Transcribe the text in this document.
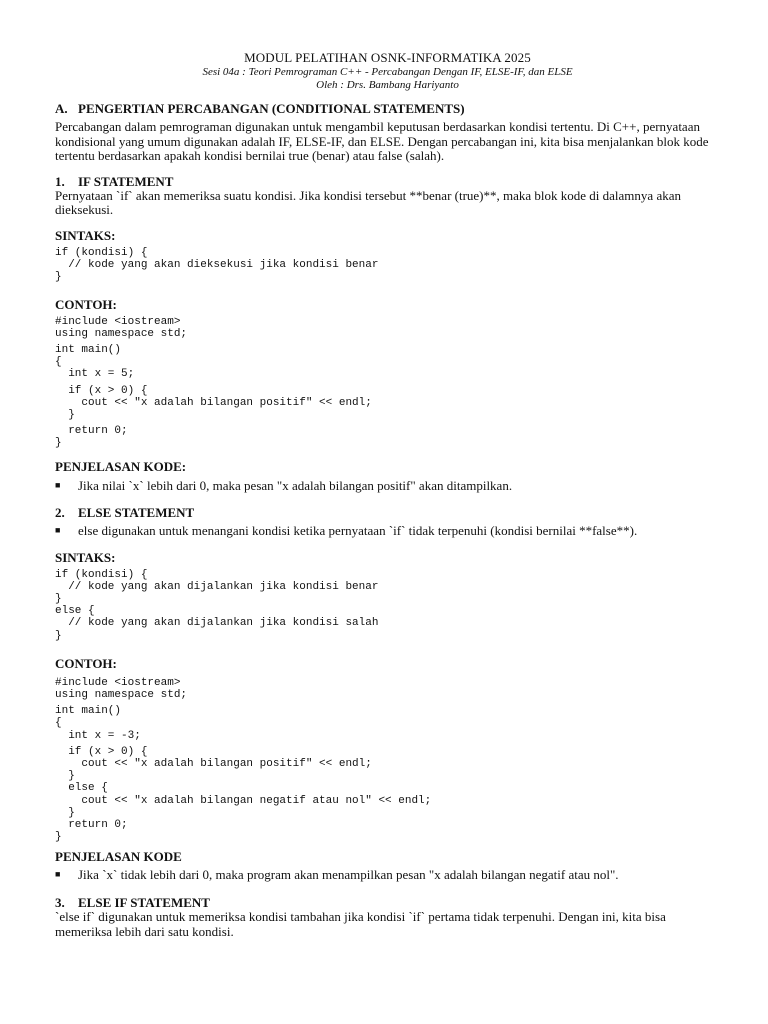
MODUL PELATIHAN OSNK-INFORMATIKA 2025
Sesi 04a : Teori Pemrograman C++ - Percabangan Dengan IF, ELSE-IF, dan ELSE
Oleh : Drs. Bambang Hariyanto
A. PENGERTIAN PERCABANGAN (CONDITIONAL STATEMENTS)
Percabangan dalam pemrograman digunakan untuk mengambil keputusan berdasarkan kondisi tertentu. Di C++, pernyataan kondisional yang umum digunakan adalah IF, ELSE-IF, dan ELSE. Dengan percabangan ini, kita bisa menjalankan blok kode tertentu berdasarkan apakah kondisi bernilai true (benar) atau false (salah).
1.	IF STATEMENT
Pernyataan `if` akan memeriksa suatu kondisi. Jika kondisi tersebut **benar (true)**, maka blok kode di dalamnya akan dieksekusi.
SINTAKS:
if (kondisi) {
// kode yang akan dieksekusi jika kondisi benar
}
CONTOH:
#include <iostream>
using namespace std;
int main()
{
int x = 5;
if (x > 0) {
cout << "x adalah bilangan positif" << endl;
}
return 0;
}
PENJELASAN KODE:
■	Jika nilai `x` lebih dari 0, maka pesan "x adalah bilangan positif" akan ditampilkan.
2.	ELSE STATEMENT
■	else digunakan untuk menangani kondisi ketika pernyataan `if` tidak terpenuhi (kondisi bernilai **false**).
SINTAKS:
if (kondisi) {
// kode yang akan dijalankan jika kondisi benar
}
else {
// kode yang akan dijalankan jika kondisi salah
}
CONTOH:
#include <iostream>
using namespace std;
int main()
{
int x = -3;
if (x > 0) {
cout << "x adalah bilangan positif" << endl;
}
else {
cout << "x adalah bilangan negatif atau nol" << endl;
}
return 0;
}
PENJELASAN KODE
■	Jika `x` tidak lebih dari 0, maka program akan menampilkan pesan "x adalah bilangan negatif atau nol".
3.	ELSE IF STATEMENT
`else if` digunakan untuk memeriksa kondisi tambahan jika kondisi `if` pertama tidak terpenuhi. Dengan ini, kita bisa memeriksa lebih dari satu kondisi.
